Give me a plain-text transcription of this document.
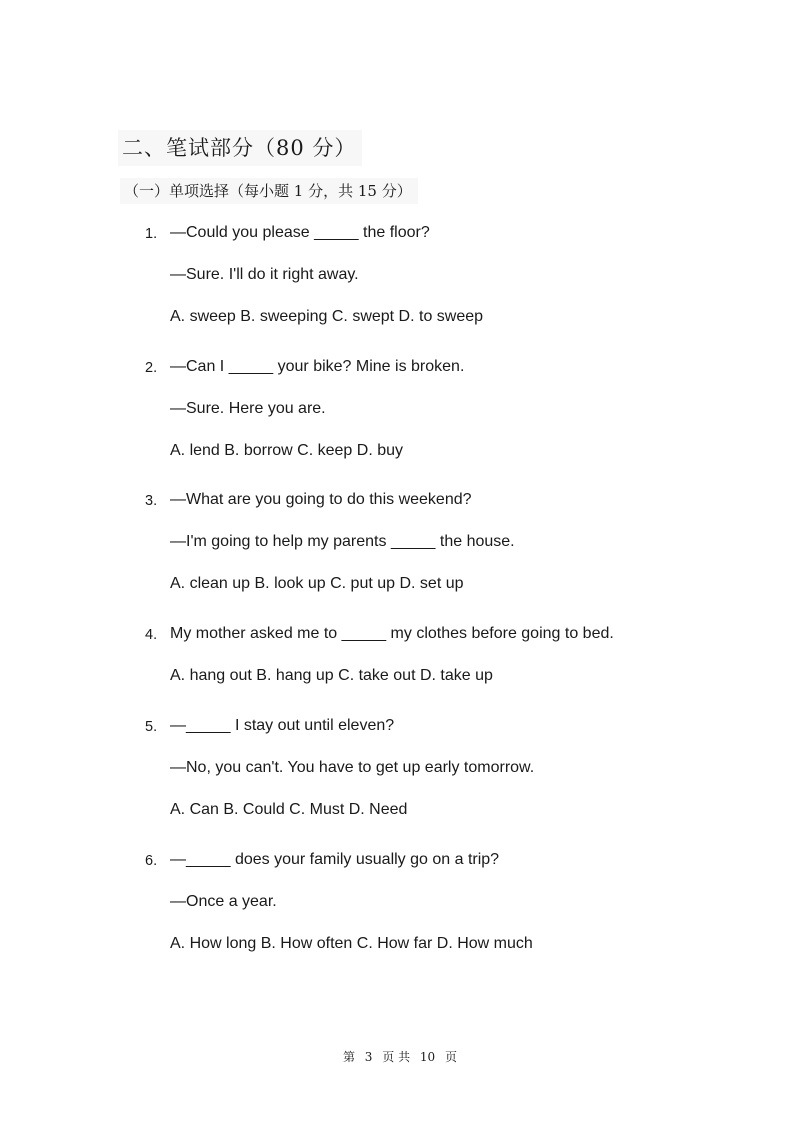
二、笔试部分（80 分）
（一）单项选择（每小题 1 分，共 15 分）
1. —Could you please _____ the floor?
—Sure. I'll do it right away.
A. sweep B. sweeping C. swept D. to sweep
2. —Can I _____ your bike? Mine is broken.
—Sure. Here you are.
A. lend B. borrow C. keep D. buy
3. —What are you going to do this weekend?
—I'm going to help my parents _____ the house.
A. clean up B. look up C. put up D. set up
4. My mother asked me to _____ my clothes before going to bed.
A. hang out B. hang up C. take out D. take up
5. —_____ I stay out until eleven?
—No, you can't. You have to get up early tomorrow.
A. Can B. Could C. Must D. Need
6. —_____ does your family usually go on a trip?
—Once a year.
A. How long B. How often C. How far D. How much
第 3 页 共 10 页
